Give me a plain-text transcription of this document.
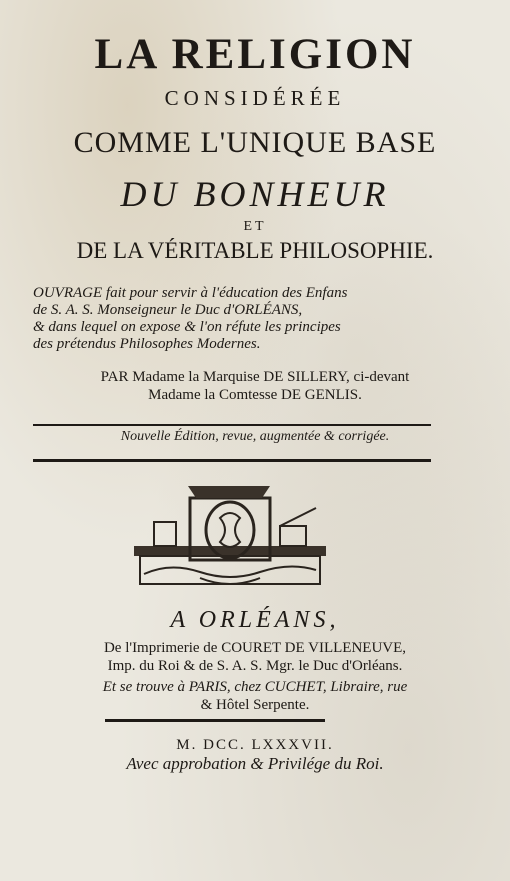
LA RELIGION
CONSIDÉRÉE
COMME L'UNIQUE BASE
DU BONHEUR
ET
DE LA VÉRITABLE PHILOSOPHIE.
OUVRAGE fait pour servir à l'éducation des Enfans
de S. A. S. Monseigneur le Duc d'ORLÉANS,
& dans lequel on expose & l'on réfute les principes
des prétendus Philosophes Modernes.
PAR Madame la Marquise DE SILLERY, ci-devant
Madame la Comtesse DE GENLIS.
Nouvelle Édition, revue, augmentée & corrigée.
A ORLÉANS,
De l'Imprimerie de COURET DE VILLENEUVE,
Imp. du Roi & de S. A. S. Mgr. le Duc d'Orléans.
Et se trouve à PARIS, chez CUCHET, Libraire, rue
& Hôtel Serpente.
M. DCC. LXXXVII.
Avec approbation & Privilége du Roi.
